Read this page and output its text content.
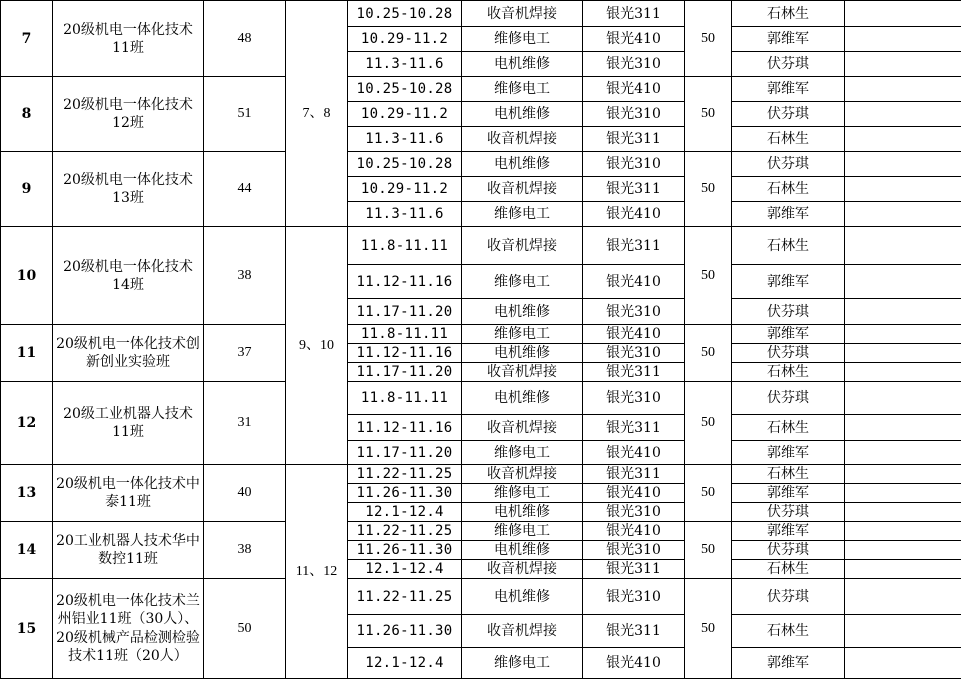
7	20级机电一体化技术11班	48	7、8	10.25-10.28	收音机焊接	银光311	50	石林生	
				10.29-11.2	维修电工	银光410		郭维军	
				11.3-11.6	电机维修	银光310		伏芬琪	
8	20级机电一体化技术12班	51		10.25-10.28	维修电工	银光410	50	郭维军	
				10.29-11.2	电机维修	银光310		伏芬琪	
				11.3-11.6	收音机焊接	银光311		石林生	
9	20级机电一体化技术13班	44		10.25-10.28	电机维修	银光310	50	伏芬琪	
				10.29-11.2	收音机焊接	银光311		石林生	
				11.3-11.6	维修电工	银光410		郭维军	
10	20级机电一体化技术14班	38	9、10	11.8-11.11	收音机焊接	银光311	50	石林生	
				11.12-11.16	维修电工	银光410		郭维军	
				11.17-11.20	电机维修	银光310		伏芬琪	
11	20级机电一体化技术创新创业实验班	37		11.8-11.11	维修电工	银光410	50	郭维军	
				11.12-11.16	电机维修	银光310		伏芬琪	
				11.17-11.20	收音机焊接	银光311		石林生	
12	20级工业机器人技术11班	31		11.8-11.11	电机维修	银光310	50	伏芬琪	
				11.12-11.16	收音机焊接	银光311		石林生	
				11.17-11.20	维修电工	银光410		郭维军	
13	20级机电一体化技术中泰11班	40	11、12	11.22-11.25	收音机焊接	银光311	50	石林生	
				11.26-11.30	维修电工	银光410		郭维军	
				12.1-12.4	电机维修	银光310		伏芬琪	
14	20工业机器人技术华中数控11班	38		11.22-11.25	维修电工	银光410	50	郭维军	
				11.26-11.30	电机维修	银光310		伏芬琪	
				12.1-12.4	收音机焊接	银光311		石林生	
15	20级机电一体化技术兰州铝业11班（30人）、20级机械产品检测检验技术11班（20人）	50		11.22-11.25	电机维修	银光310	50	伏芬琪	
				11.26-11.30	收音机焊接	银光311		石林生	
				12.1-12.4	维修电工	银光410		郭维军	
